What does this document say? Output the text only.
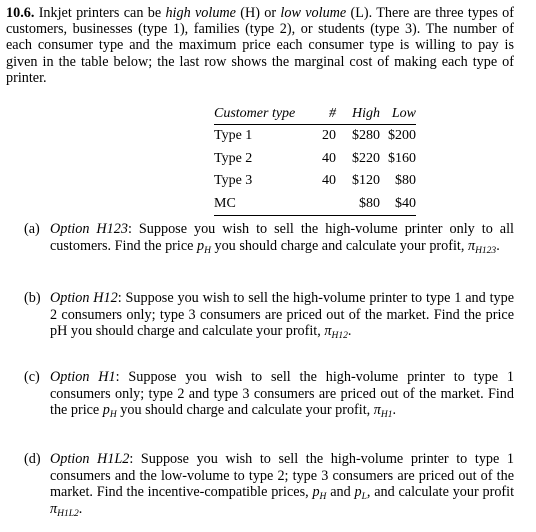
10.6. Inkjet printers can be high volume (H) or low volume (L). There are three types of customers, businesses (type 1), families (type 2), or students (type 3). The number of each consumer type and the maximum price each consumer type is willing to pay is given in the table below; the last row shows the marginal cost of making each type of printer.
Customer type	#	High	Low
Type 1	20	$280	$200
Type 2	40	$220	$160
Type 3	40	$120	$80
MC		$80	$40
(a) Option H123: Suppose you wish to sell the high-volume printer only to all customers. Find the price $p_H$ you should charge and calculate your profit, $\pi_{H123}$.
(b) Option H12: Suppose you wish to sell the high-volume printer to type 1 and type 2 consumers only; type 3 consumers are priced out of the market. Find the price pH you should charge and calculate your profit, $\pi_{H12}$.
(c) Option H1: Suppose you wish to sell the high-volume printer to type 1 consumers only; type 2 and type 3 consumers are priced out of the market. Find the price $p_H$ you should charge and calculate your profit, $\pi_{H1}$.
(d) Option H1L2: Suppose you wish to sell the high-volume printer to type 1 consumers and the low-volume to type 2; type 3 consumers are priced out of the market. Find the incentive-compatible prices, $p_H$ and $p_L$, and calculate your profit $\pi_{H1L2}$.
